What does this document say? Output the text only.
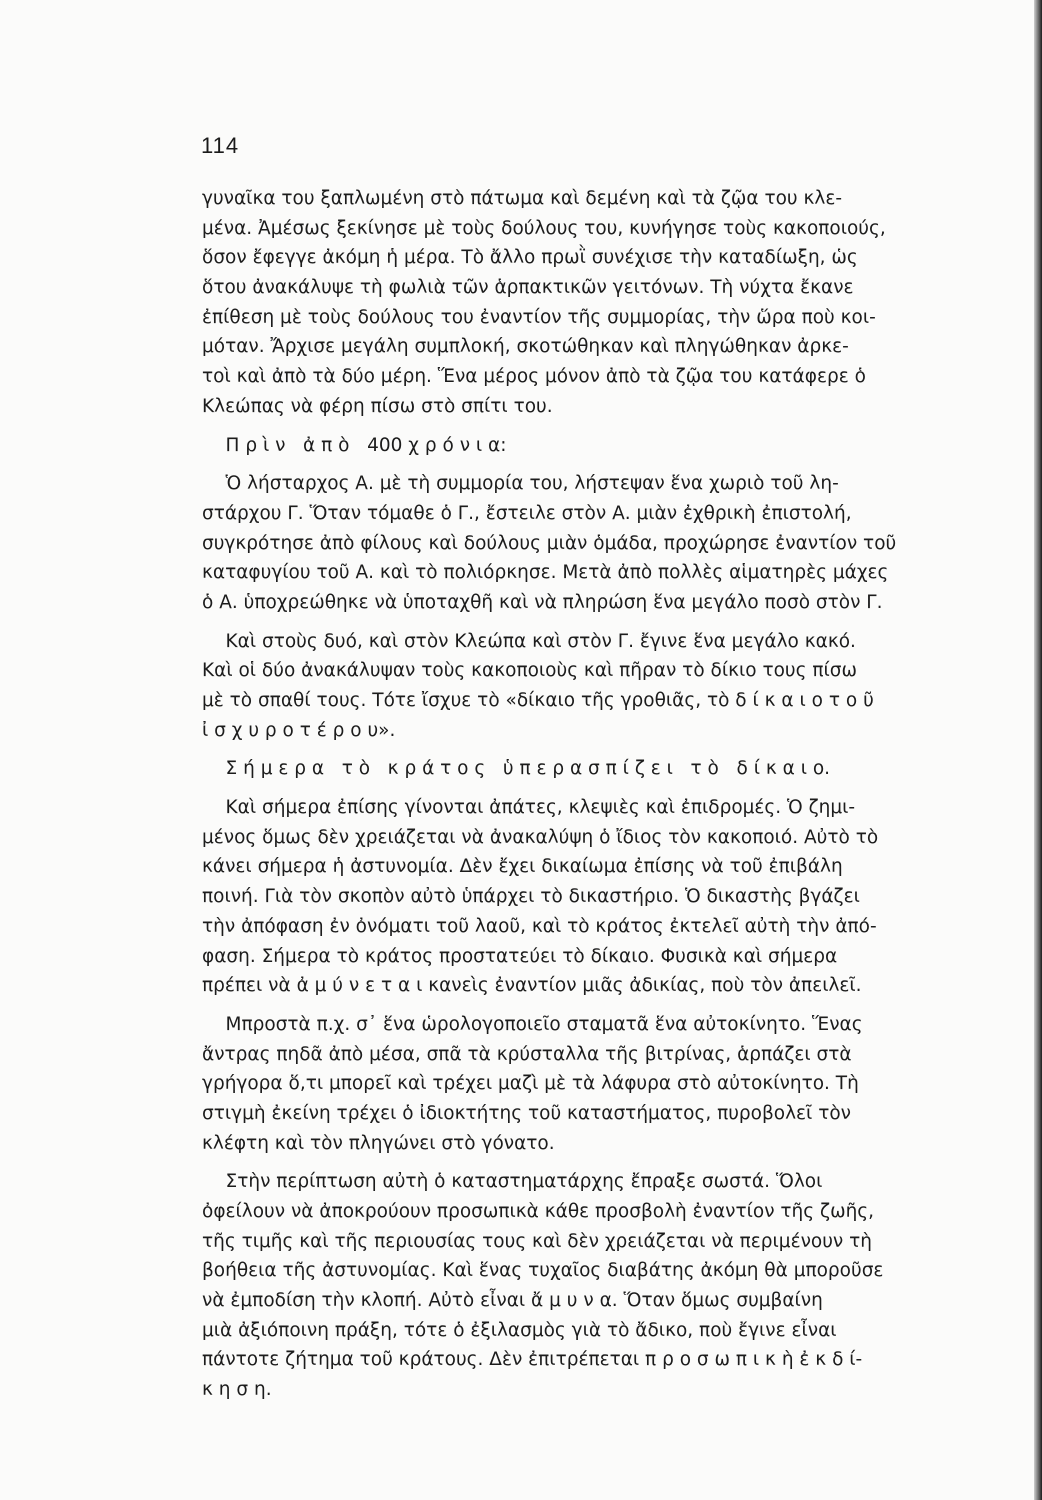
114
γυναῖκα του ξαπλωμένη στὸ πάτωμα καὶ δεμένη καὶ τὰ ζῷα του κλε-
μένα. Ἀμέσως ξεκίνησε μὲ τοὺς δούλους του, κυνήγησε τοὺς κακοποιούς,
ὅσον ἔφεγγε ἀκόμη ἡ μέρα. Τὸ ἄλλο πρωῒ συνέχισε τὴν καταδίωξη, ὡς
ὅτου ἀνακάλυψε τὴ φωλιὰ τῶν ἁρπακτικῶν γειτόνων. Τὴ νύχτα ἔκανε
ἐπίθεση μὲ τοὺς δούλους του ἐναντίον τῆς συμμορίας, τὴν ὥρα ποὺ κοι-
μόταν. Ἄρχισε μεγάλη συμπλοκή, σκοτώθηκαν καὶ πληγώθηκαν ἀρκε-
τοὶ καὶ ἀπὸ τὰ δύο μέρη. Ἕνα μέρος μόνον ἀπὸ τὰ ζῷα του κατάφερε ὁ
Κλεώπας νὰ φέρη πίσω στὸ σπίτι του.
Π ρ ὶ ν   ἀ π ὸ   400 χ ρ ό ν ι α:
Ὁ λήσταρχος Α. μὲ τὴ συμμορία του, λήστεψαν ἕνα χωριὸ τοῦ λη-
στάρχου Γ. Ὅταν τόμαθε ὁ Γ., ἔστειλε στὸν Α. μιὰν ἐχθρικὴ ἐπιστολή,
συγκρότησε ἀπὸ φίλους καὶ δούλους μιὰν ὁμάδα, προχώρησε ἐναντίον τοῦ
καταφυγίου τοῦ Α. καὶ τὸ πολιόρκησε. Μετὰ ἀπὸ πολλὲς αἱματηρὲς μάχες
ὁ Α. ὑποχρεώθηκε νὰ ὑποταχθῆ καὶ νὰ πληρώση ἕνα μεγάλο ποσὸ στὸν Γ.
Καὶ στοὺς δυό, καὶ στὸν Κλεώπα καὶ στὸν Γ. ἔγινε ἕνα μεγάλο κακό.
Καὶ οἱ δύο ἀνακάλυψαν τοὺς κακοποιοὺς καὶ πῆραν τὸ δίκιο τους πίσω
μὲ τὸ σπαθί τους. Τότε ἴσχυε τὸ «δίκαιο τῆς γροθιᾶς, τὸ δ ί κ α ι ο τ ο ῦ
ἰ σ χ υ ρ ο τ έ ρ ο υ».
Σ ή μ ε ρ α   τ ὸ   κ ρ ά τ ο ς   ὑ π ε ρ α σ π ί ζ ε ι   τ ὸ   δ ί κ α ι ο.
Καὶ σήμερα ἐπίσης γίνονται ἀπάτες, κλεψιὲς καὶ ἐπιδρομές. Ὁ ζημι-
μένος ὅμως δὲν χρειάζεται νὰ ἀνακαλύψη ὁ ἴδιος τὸν κακοποιό. Αὐτὸ τὸ
κάνει σήμερα ἡ ἀστυνομία. Δὲν ἔχει δικαίωμα ἐπίσης νὰ τοῦ ἐπιβάλη
ποινή. Γιὰ τὸν σκοπὸν αὐτὸ ὑπάρχει τὸ δικαστήριο. Ὁ δικαστὴς βγάζει
τὴν ἀπόφαση ἐν ὀνόματι τοῦ λαοῦ, καὶ τὸ κράτος ἐκτελεῖ αὐτὴ τὴν ἀπό-
φαση. Σήμερα τὸ κράτος προστατεύει τὸ δίκαιο. Φυσικὰ καὶ σήμερα
πρέπει νὰ ἀ μ ύ ν ε τ α ι κανεὶς ἐναντίον μιᾶς ἀδικίας, ποὺ τὸν ἀπειλεῖ.
Μπροστὰ π.χ. σ᾽ ἕνα ὡρολογοποιεῖο σταματᾶ ἕνα αὐτοκίνητο. Ἕνας
ἄντρας πηδᾶ ἀπὸ μέσα, σπᾶ τὰ κρύσταλλα τῆς βιτρίνας, ἁρπάζει στὰ
γρήγορα ὅ,τι μπορεῖ καὶ τρέχει μαζὶ μὲ τὰ λάφυρα στὸ αὐτοκίνητο. Τὴ
στιγμὴ ἐκείνη τρέχει ὁ ἰδιοκτήτης τοῦ καταστήματος, πυροβολεῖ τὸν
κλέφτη καὶ τὸν πληγώνει στὸ γόνατο.
Στὴν περίπτωση αὐτὴ ὁ καταστηματάρχης ἔπραξε σωστά. Ὅλοι
ὀφείλουν νὰ ἀποκρούουν προσωπικὰ κάθε προσβολὴ ἐναντίον τῆς ζωῆς,
τῆς τιμῆς καὶ τῆς περιουσίας τους καὶ δὲν χρειάζεται νὰ περιμένουν τὴ
βοήθεια τῆς ἀστυνομίας. Καὶ ἕνας τυχαῖος διαβάτης ἀκόμη θὰ μποροῦσε
νὰ ἐμποδίση τὴν κλοπή. Αὐτὸ εἶναι ἄ μ υ ν α. Ὅταν ὅμως συμβαίνη
μιὰ ἀξιόποινη πράξη, τότε ὁ ἐξιλασμὸς γιὰ τὸ ἄδικο, ποὺ ἔγινε εἶναι
πάντοτε ζήτημα τοῦ κράτους. Δὲν ἐπιτρέπεται π ρ ο σ ω π ι κ ὴ ἐ κ δ ί-
κ η σ η.
